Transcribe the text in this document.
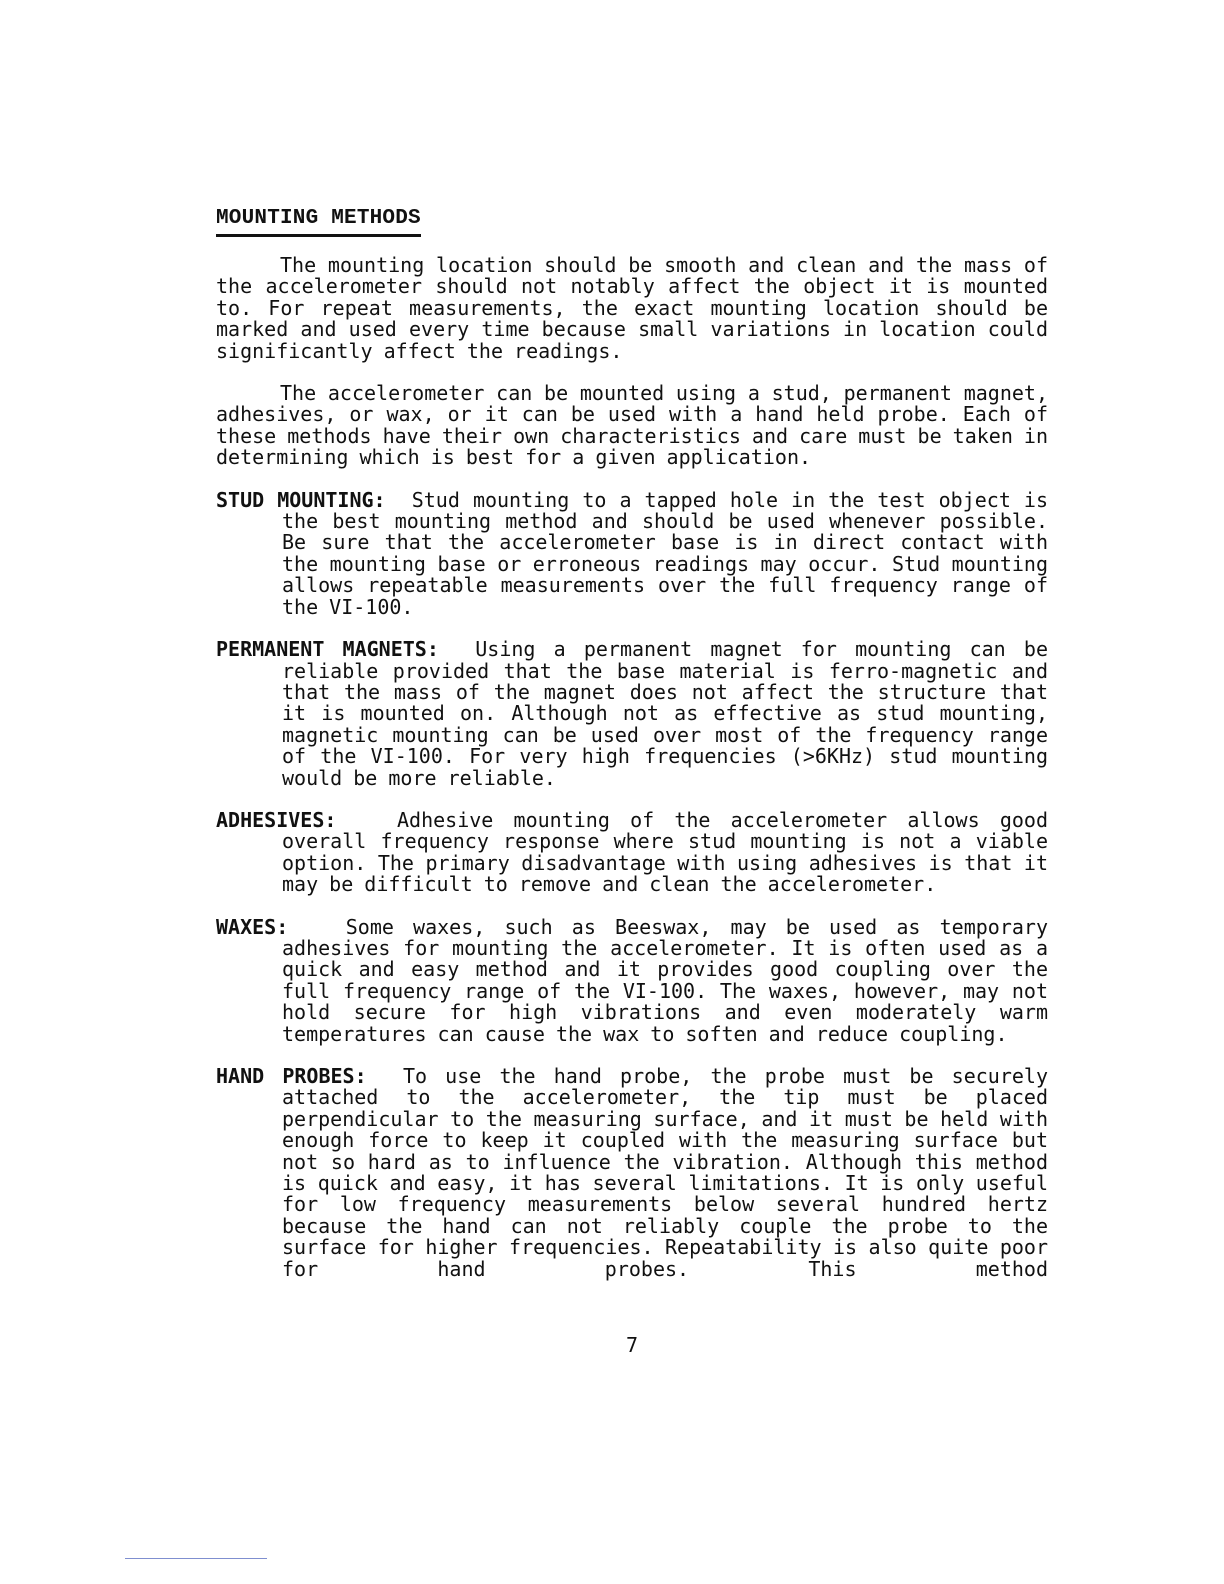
MOUNTING METHODS

The mounting location should be smooth and clean and the mass of the accelerometer should not notably affect the object it is mounted to. For repeat measurements, the exact mounting location should be marked and used every time because small variations in location could significantly affect the readings.

The accelerometer can be mounted using a stud, permanent magnet, adhesives, or wax, or it can be used with a hand held probe. Each of these methods have their own characteristics and care must be taken in determining which is best for a given application.

STUD MOUNTING: Stud mounting to a tapped hole in the test object is the best mounting method and should be used whenever possible. Be sure that the accelerometer base is in direct contact with the mounting base or erroneous readings may occur. Stud mounting allows repeatable measurements over the full frequency range of the VI-100.

PERMANENT MAGNETS: Using a permanent magnet for mounting can be reliable provided that the base material is ferro-magnetic and that the mass of the magnet does not affect the structure that it is mounted on. Although not as effective as stud mounting, magnetic mounting can be used over most of the frequency range of the VI-100. For very high frequencies (>6KHz) stud mounting would be more reliable.

ADHESIVES:	Adhesive mounting of the accelerometer allows good overall frequency response where stud mounting is not a viable option. The primary disadvantage with using adhesives is that it may be difficult to remove and clean the accelerometer.

WAXES:	Some waxes, such as Beeswax, may be used as temporary adhesives for mounting the accelerometer. It is often used as a quick and easy method and it provides good coupling over the full frequency range of the VI-100. The waxes, however, may not hold secure for high vibrations and even moderately warm temperatures can cause the wax to soften and reduce coupling.

HAND PROBES: To use the hand probe, the probe must be securely attached to the accelerometer, the tip must be placed perpendicular to the measuring surface, and it must be held with enough force to keep it coupled with the measuring surface but not so hard as to influence the vibration. Although this method is quick and easy, it has several limitations. It is only useful for low frequency measurements below several hundred hertz because the hand can not reliably couple the probe to the surface for higher frequencies. Repeatability is also quite poor for hand probes. This method

7
